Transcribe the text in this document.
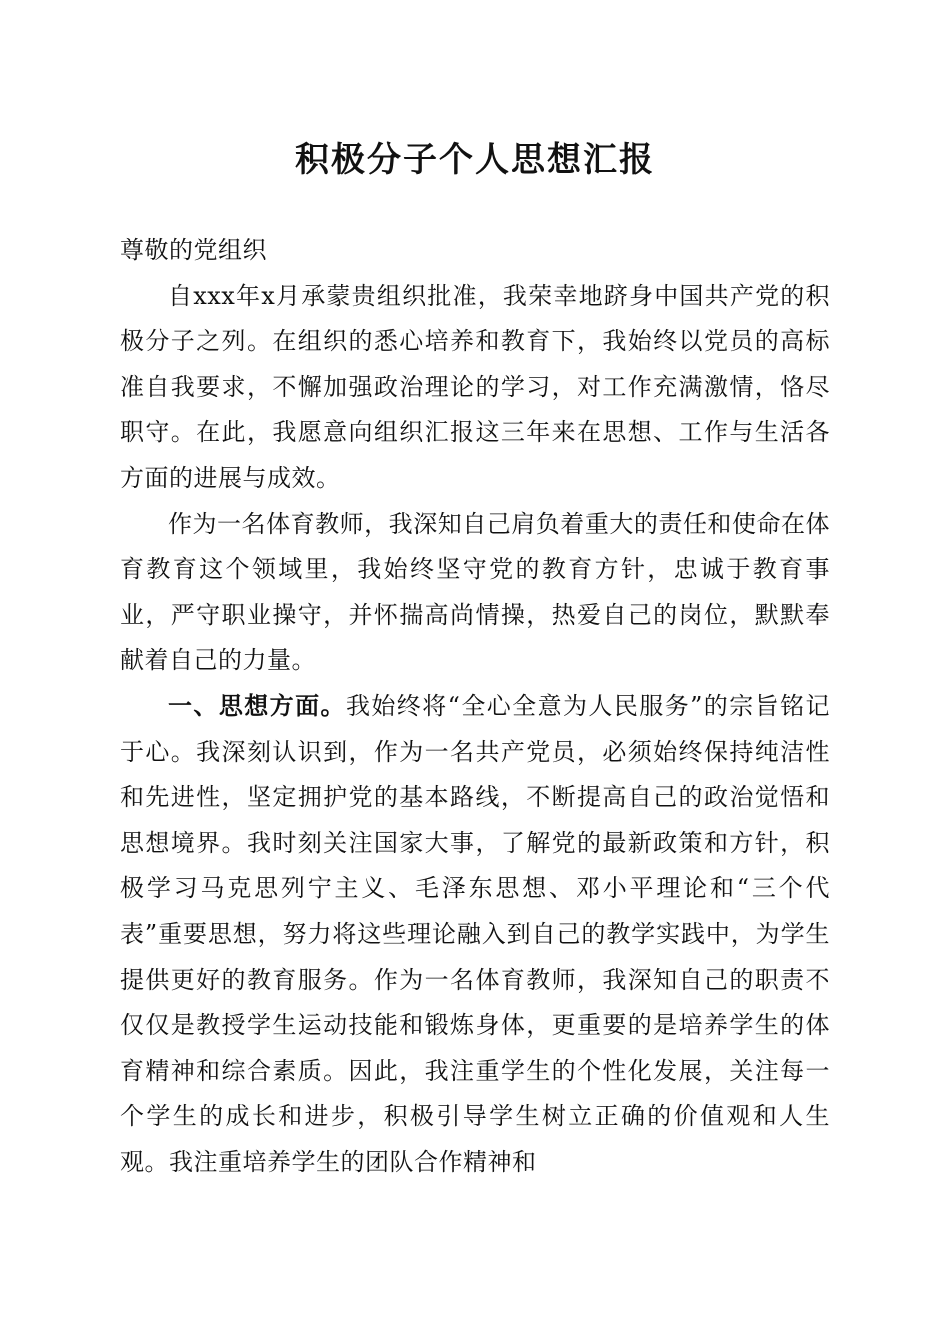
积极分子个人思想汇报

尊敬的党组织

自xxx年x月承蒙贵组织批准，我荣幸地跻身中国共产党的积极分子之列。在组织的悉心培养和教育下，我始终以党员的高标准自我要求，不懈加强政治理论的学习，对工作充满激情，恪尽职守。在此，我愿意向组织汇报这三年来在思想、工作与生活各方面的进展与成效。

作为一名体育教师，我深知自己肩负着重大的责任和使命在体育教育这个领域里，我始终坚守党的教育方针，忠诚于教育事业，严守职业操守，并怀揣高尚情操，热爱自己的岗位，默默奉献着自己的力量。

一、思想方面。我始终将“全心全意为人民服务”的宗旨铭记于心。我深刻认识到，作为一名共产党员，必须始终保持纯洁性和先进性，坚定拥护党的基本路线，不断提高自己的政治觉悟和思想境界。我时刻关注国家大事，了解党的最新政策和方针，积极学习马克思列宁主义、毛泽东思想、邓小平理论和“三个代表”重要思想，努力将这些理论融入到自己的教学实践中，为学生提供更好的教育服务。作为一名体育教师，我深知自己的职责不仅仅是教授学生运动技能和锻炼身体，更重要的是培养学生的体育精神和综合素质。因此，我注重学生的个性化发展，关注每一个学生的成长和进步，积极引导学生树立正确的价值观和人生观。我注重培养学生的团队合作精神和
